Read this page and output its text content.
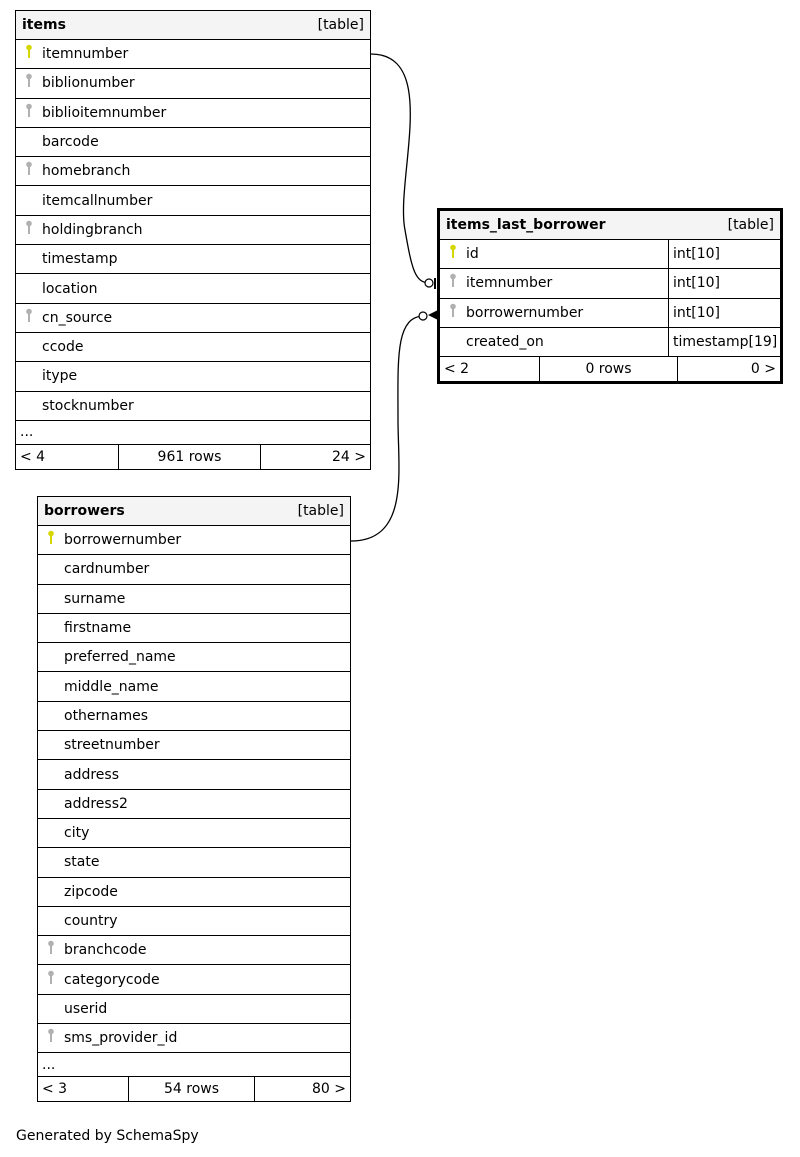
items	[table]
itemnumber
biblionumber
biblioitemnumber
barcode
homebranch
itemcallnumber
holdingbranch
timestamp
location
cn_source
ccode
itype
stocknumber
...
< 4	961 rows	24 >
items_last_borrower	[table]
id	int[10]
itemnumber	int[10]
borrowernumber	int[10]
created_on	timestamp[19]
< 2	0 rows	0 >
borrowers	[table]
borrowernumber
cardnumber
surname
firstname
preferred_name
middle_name
othernames
streetnumber
address
address2
city
state
zipcode
country
branchcode
categorycode
userid
sms_provider_id
...
< 3	54 rows	80 >
Generated by SchemaSpy
